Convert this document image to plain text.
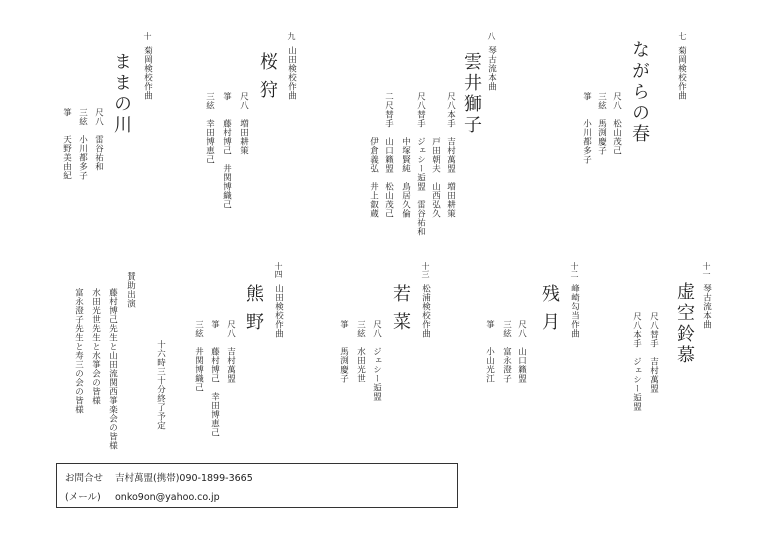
七
菊岡検校作曲
ながらの春
尺八　松山茂己
三絃　馬渕慶子
箏　　小川都多子
八
琴古流本曲
雲井獅子
尺八本手　吉村萬盟　増田耕策
　　　　　戸田朝夫　山西弘久
尺八替手　ジェシー逅盟　雷谷祐和
　　　　　中塚賢純　鳥居久倫
二尺替手　山口籟盟　松山茂己
　　　　　伊倉義弘　井上叡蔵
九
山田検校作曲
桜狩
尺八　増田耕策
箏　　藤村博己　井関博織己
三絃　幸田博恵己
十
菊岡検校作曲
ままの川
尺八　雷谷祐和
三絃　小川都多子
箏　　天野美由紀
十一
琴古流本曲
虚空鈴慕
尺八替手　吉村萬盟
尺八本手　ジェシー逅盟
十二
峰崎勾当作曲
残月
尺八　山口籟盟
三絃　富永澄子
箏　　小山光江
十三
松浦検校作曲
若菜
尺八　ジェシー逅盟
三絃　水田光世
箏　　馬渕慶子
十四
山田検校作曲
熊野
尺八　吉村萬盟
箏　　藤村博己　幸田博恵己
三絃　井関博織己
十六時三十分終了予定
賛助出演
藤村博己先生と山田流関西箏楽会の皆様
水田光世先生と水箏会の皆様
富永澄子先生と寿三の会の皆様
お問合せ 吉村萬盟(携帯)090-1899-3665
(メール) onko9on@yahoo.co.jp
